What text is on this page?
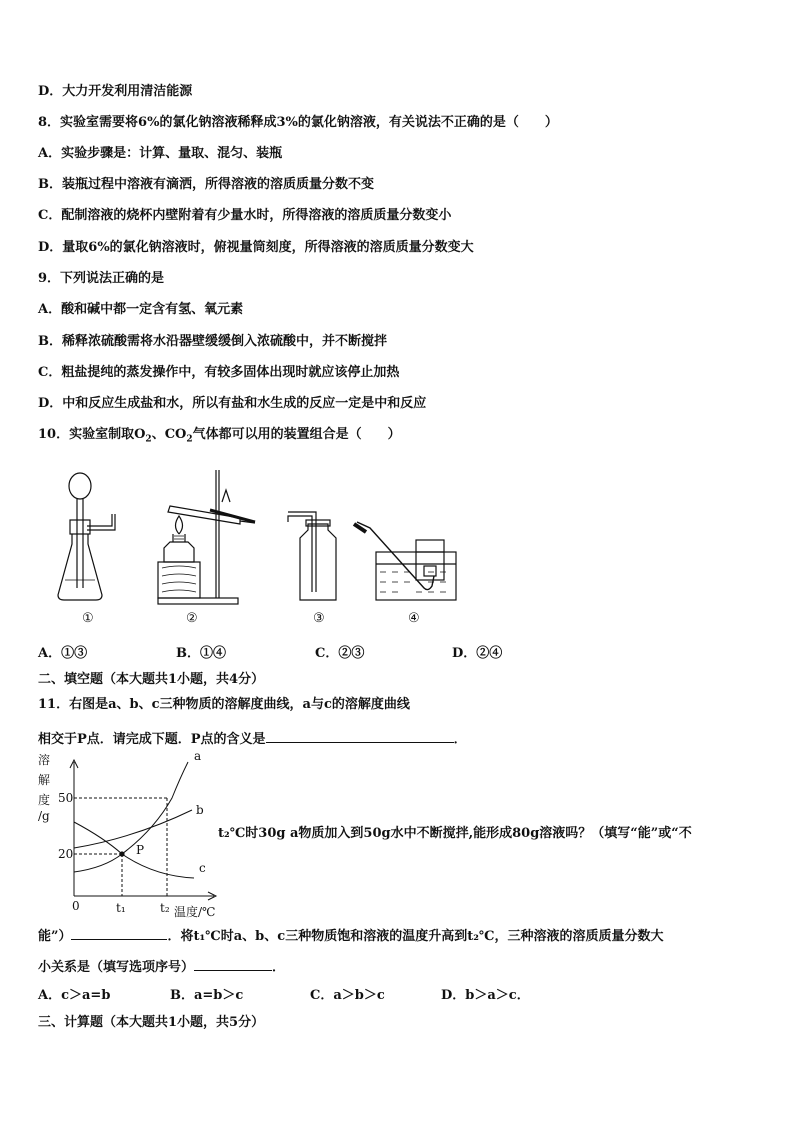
D．大力开发利用清洁能源
8．实验室需要将6%的氯化钠溶液稀释成3%的氯化钠溶液，有关说法不正确的是（　　）
A．实验步骤是：计算、量取、混匀、装瓶
B．装瓶过程中溶液有滴洒，所得溶液的溶质质量分数不变
C．配制溶液的烧杯内壁附着有少量水时，所得溶液的溶质质量分数变小
D．量取6%的氯化钠溶液时，俯视量筒刻度，所得溶液的溶质质量分数变大
9．下列说法正确的是
A．酸和碱中都一定含有氢、氧元素
B．稀释浓硫酸需将水沿器壁缓缓倒入浓硫酸中，并不断搅拌
C．粗盐提纯的蒸发操作中，有较多固体出现时就应该停止加热
D．中和反应生成盐和水，所以有盐和水生成的反应一定是中和反应
10．实验室制取$O_2$、$CO_2$气体都可以用的装置组合是（　　）
①	②	③	④
A．①③	B．①④	C．②③	D．②④
二、填空题（本大题共1小题，共4分）
11．右图是a、b、c三种物质的溶解度曲线，a与c的溶解度曲线
相交于P点．请完成下题．P点的含义是	．
溶
解
度
/g
50
20
0	t₁	t₂ 温度/℃
P
a
b
c
t₂℃时30g a物质加入到50g水中不断搅拌,能形成80g溶液吗？（填写“能”或“不
能”）	．将t₁℃时a、b、c三种物质饱和溶液的温度升高到t₂℃，三种溶液的溶质质量分数大
小关系是（填写选项序号）	．
A．c＞a=b	B．a=b＞c	C．a＞b＞c	D．b＞a＞c．
三、计算题（本大题共1小题，共5分）
